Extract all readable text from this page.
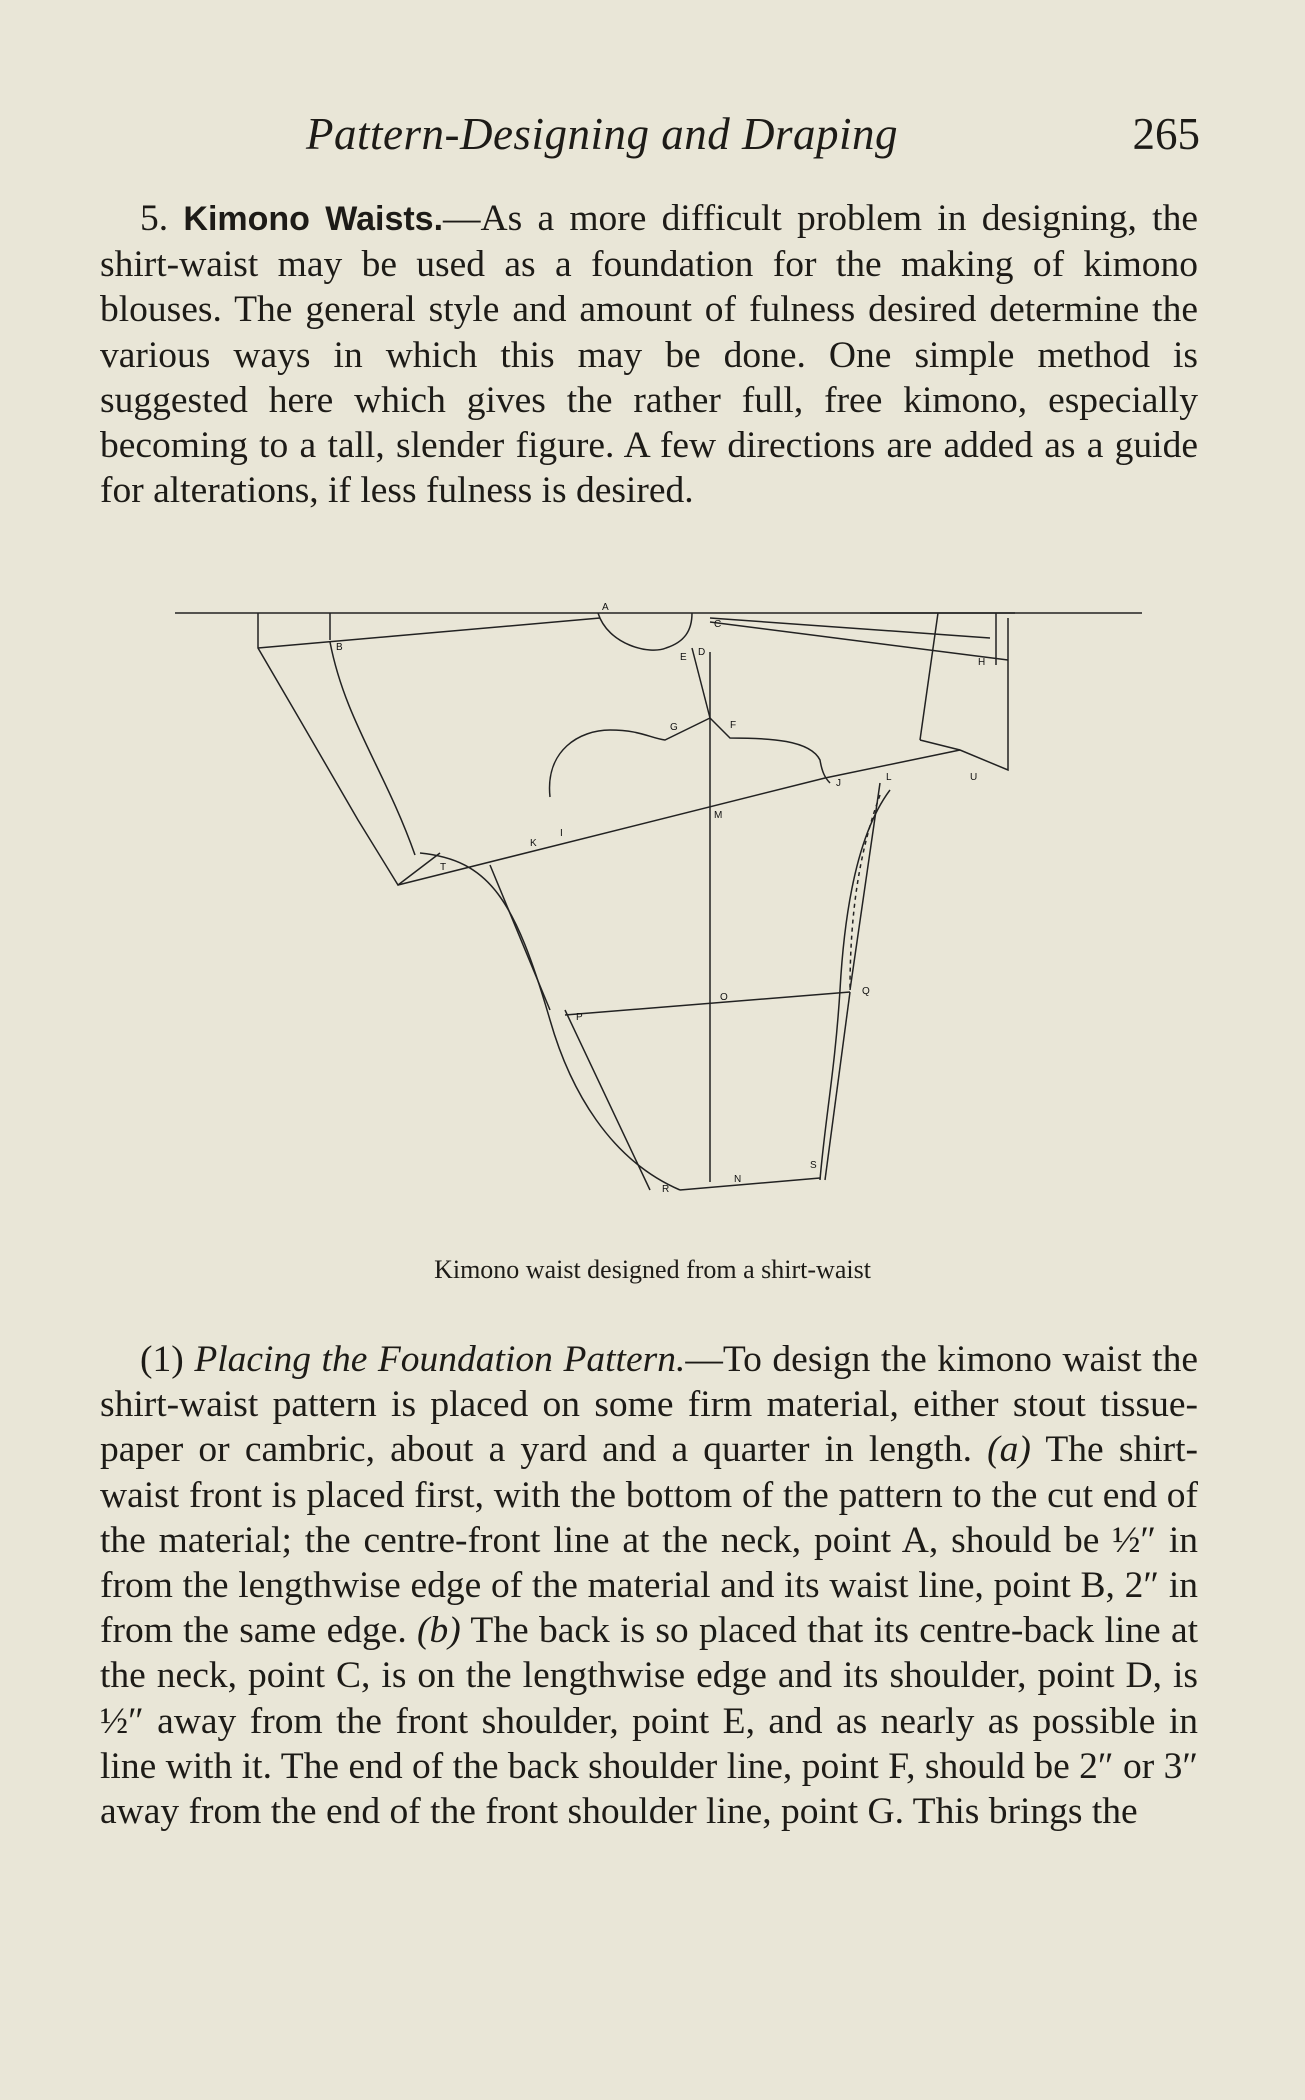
Pattern-Designing and Draping	265

5. Kimono Waists.—As a more difficult problem in designing, the shirt-waist may be used as a foundation for the making of kimono blouses. The general style and amount of fulness desired determine the various ways in which this may be done. One simple method is suggested here which gives the rather full, free kimono, especially becoming to a tall, slender figure. A few directions are added as a guide for alterations, if less fulness is desired.

A
B
C
D
E
F
G
H
I
J
K
L
M
N
O
P
Q
R
S
T
U
Kimono waist designed from a shirt-waist

(1) Placing the Foundation Pattern.—To design the kimono waist the shirt-waist pattern is placed on some firm material, either stout tissue-paper or cambric, about a yard and a quarter in length. (a) The shirt-waist front is placed first, with the bottom of the pattern to the cut end of the material; the centre-front line at the neck, point A, should be ½″ in from the lengthwise edge of the material and its waist line, point B, 2″ in from the same edge. (b) The back is so placed that its centre-back line at the neck, point C, is on the lengthwise edge and its shoulder, point D, is ½″ away from the front shoulder, point E, and as nearly as possible in line with it. The end of the back shoulder line, point F, should be 2″ or 3″ away from the end of the front shoulder line, point G. This brings the
